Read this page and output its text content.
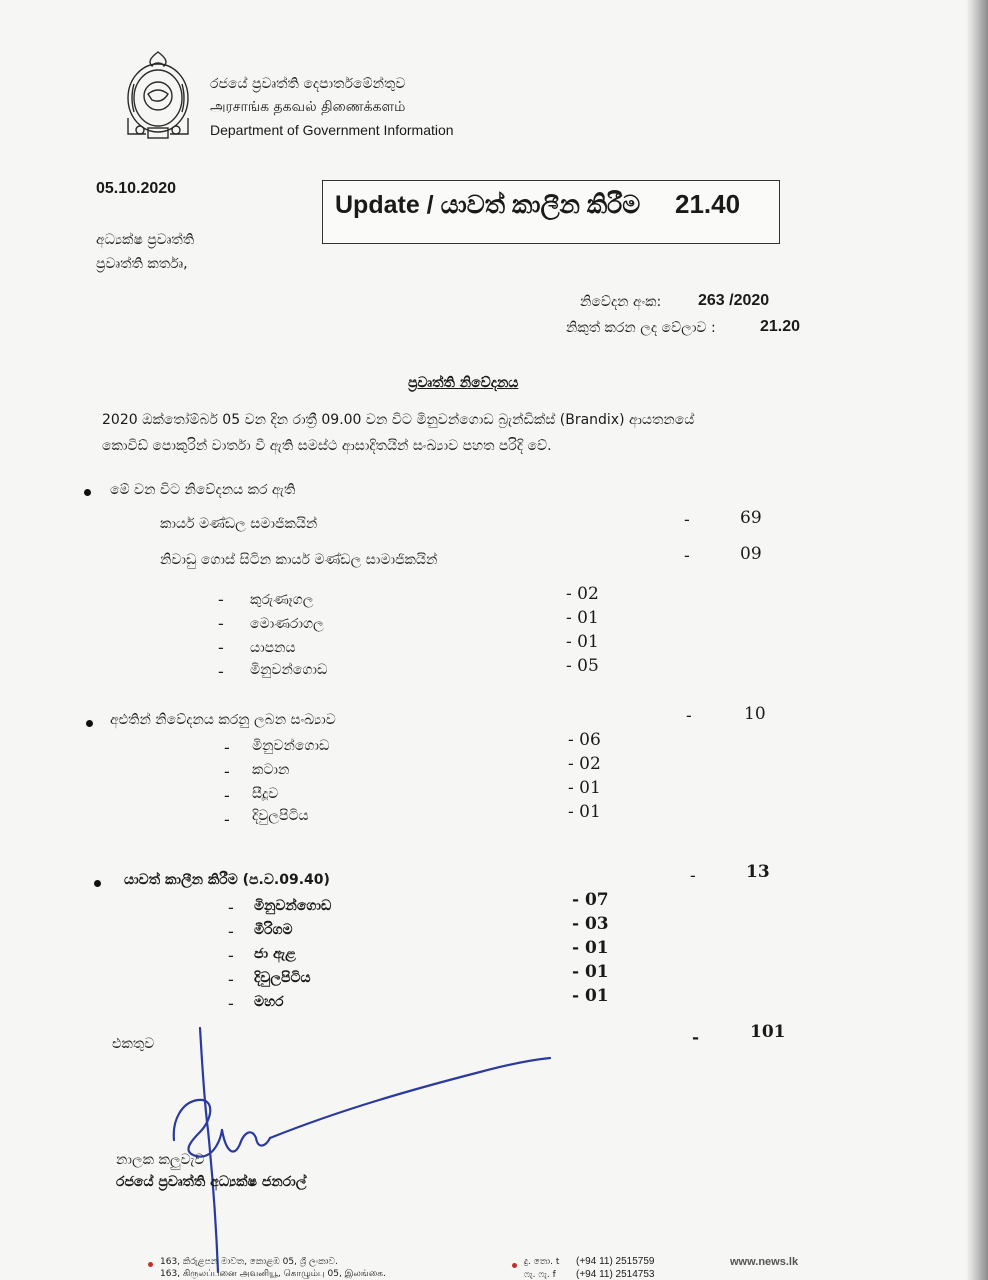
රජයේ ප්‍රවෘත්ති දෙපාර්තමේන්තුව
அரசாங்க தகவல் திணைக்களம்
Department of Government Information
05.10.2020
Update / යාවත් කාලීන කිරීම 21.40
අධ්‍යක්ෂ ප්‍රවෘත්ති
ප්‍රවෘත්ති කර්තෘ,
නිවේදන අංක: 263 /2020
නිකුත් කරන ලද වේලාව :	21.20
ප්‍රවෘත්ති නිවේදනය
2020 ඔක්තෝම්බර් 05 වන දින රාත්‍රී 09.00 වන විට මිනුවන්ගොඩ බ්‍රැන්ඩික්ස් (Brandix) ආයතනයේ
කොවිඩ් පොකුරින් වාර්තා වී ඇති සමස්ථ ආසාදිතයින් සංඛ්‍යාව පහත පරිදි වේ.
මේ වන විට නිවේදනය කර ඇති
කාර්ය මණ්ඩල සමාජිකයින්	-	69
නිවාඩු ගොස් සිටින කාර්ය මණ්ඩල සාමාජිකයින්	-	09
- කුරුණෑගල	- 02
- මොණරාගල	- 01
- යාපනය	- 01
- මිනුවන්ගොඩ	- 05
අළුතින් නිවේදනය කරනු ලබන සංඛ්‍යාව	-	10
- මිනුවන්ගොඩ	- 06
- කටාන	- 02
- සීදූව	- 01
- දිවුලපිටිය	- 01
යාවත් කාලීන කිරීම (ප.ව.09.40)	-	13
- මිනුවන්ගොඩ	- 07
- මීරිගම	- 03
- ජා ඇළ	- 01
- දිවුලපිටිය	- 01
- මහර	- 01
එකතුව	-	101
නාලක කලුවැව
රජයේ ප්‍රවෘත්ති අධ්‍යක්ෂ ජනරාල්
163, කිරුළපන මාවත, කොළඹ 05, ශ්‍රී ලංකාව.
163, கிருலப்பனை அவனியூ, கொழும்பு 05, இலங்கை.
දු. තො. t (+94 11) 2515759
ෆැ. ෆැ. f (+94 11) 2514753
www.news.lk
